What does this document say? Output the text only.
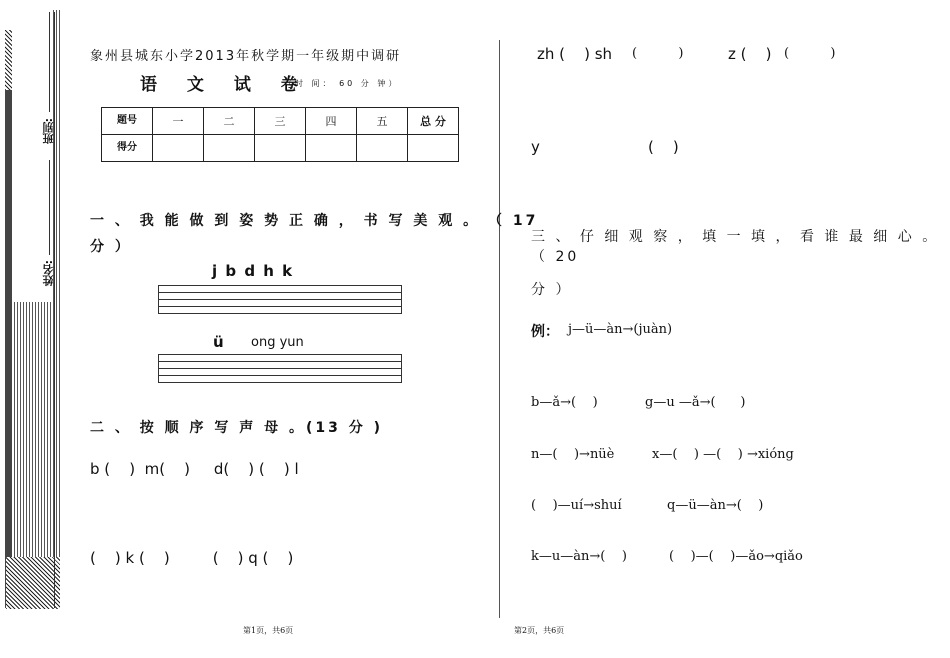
班别:
姓名:
象州县城东小学2013年秋学期一年级期中调研
语 文 试 卷
（时 间： 60 分 钟）
题号	一	二	三	四	五	总 分
得分						
一 、 我 能 做 到 姿 势 正 确 ， 书 写 美 观 。 （ 17
分 ）
j b d h k
ü ong yun
二 、 按 顺 序 写 声 母 。(13 分 )
b (    )  m(    )     d(    ) (    ) l
(    ) k (    )         (    ) q (    )
zh (    ) sh (          )	z (    ) (          )
y	(    )
三 、 仔 细 观 察 ， 填 一 填 ， 看 谁 最 细 心 。 （ 20
分 ）
例： j—ü—àn→(juàn)
b—ǎ→(    )	g—u —ǎ→(      )
n—(    )→nüè	x—(    ) —(    ) →xióng
(    )—uí→shuí	q—ü—àn→(    )
k—u—àn→(    )	(    )—(    )—ǎo→qiǎo
第1页，共6页	第2页，共6页
